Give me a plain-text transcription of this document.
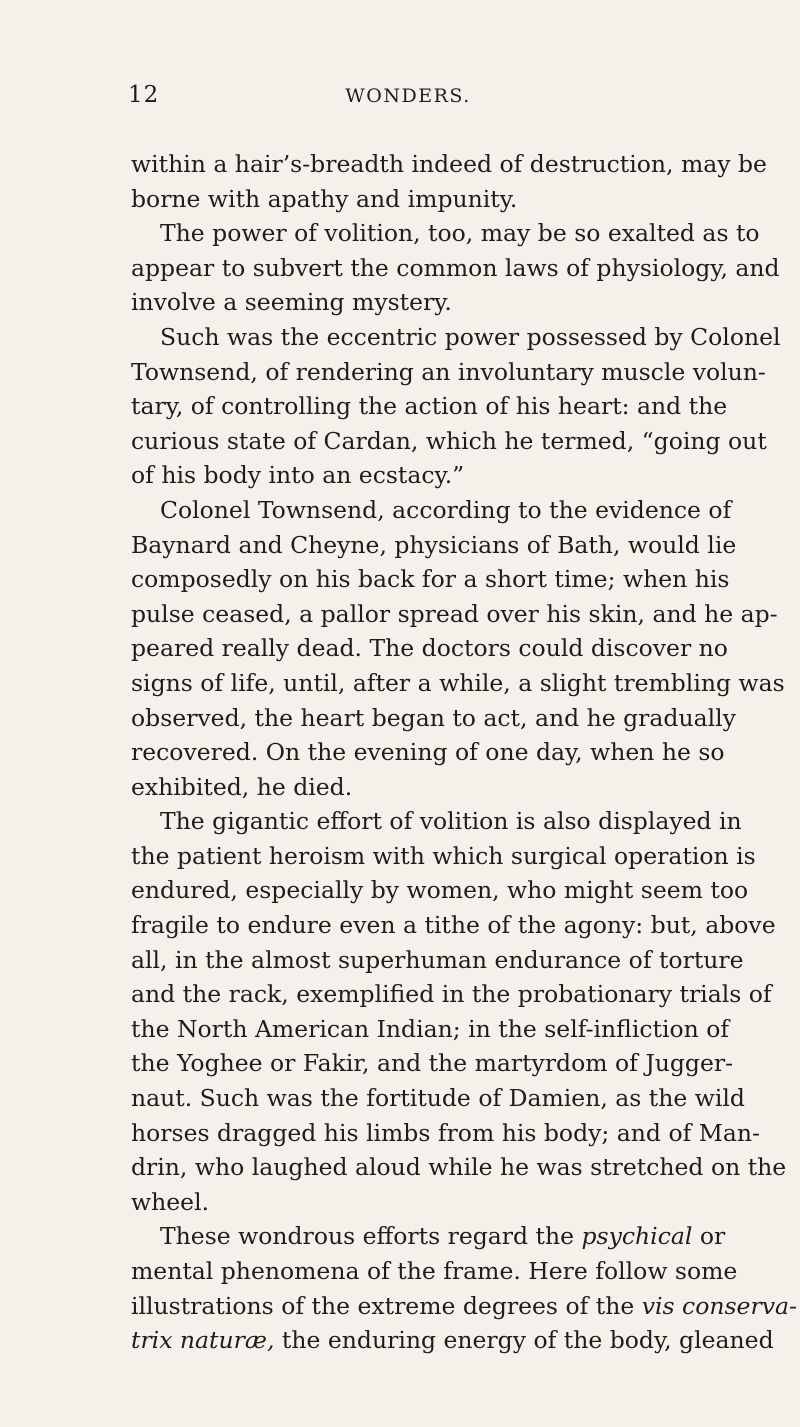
12	WONDERS.
within a hair’s-breadth indeed of destruction, may be
borne with apathy and impunity.
The power of volition, too, may be so exalted as to
appear to subvert the common laws of physiology, and
involve a seeming mystery.
Such was the eccentric power possessed by Colonel
Townsend, of rendering an involuntary muscle volun-
tary, of controlling the action of his heart: and the
curious state of Cardan, which he termed, “going out
of his body into an ecstacy.”
Colonel Townsend, according to the evidence of
Baynard and Cheyne, physicians of Bath, would lie
composedly on his back for a short time; when his
pulse ceased, a pallor spread over his skin, and he ap-
peared really dead. The doctors could discover no
signs of life, until, after a while, a slight trembling was
observed, the heart began to act, and he gradually
recovered. On the evening of one day, when he so
exhibited, he died.
The gigantic effort of volition is also displayed in
the patient heroism with which surgical operation is
endured, especially by women, who might seem too
fragile to endure even a tithe of the agony: but, above
all, in the almost superhuman endurance of torture
and the rack, exemplified in the probationary trials of
the North American Indian; in the self-infliction of
the Yoghee or Fakir, and the martyrdom of Jugger-
naut. Such was the fortitude of Damien, as the wild
horses dragged his limbs from his body; and of Man-
drin, who laughed aloud while he was stretched on the
wheel.
These wondrous efforts regard the psychical or
mental phenomena of the frame. Here follow some
illustrations of the extreme degrees of the vis conserva-
trix naturæ, the enduring energy of the body, gleaned
